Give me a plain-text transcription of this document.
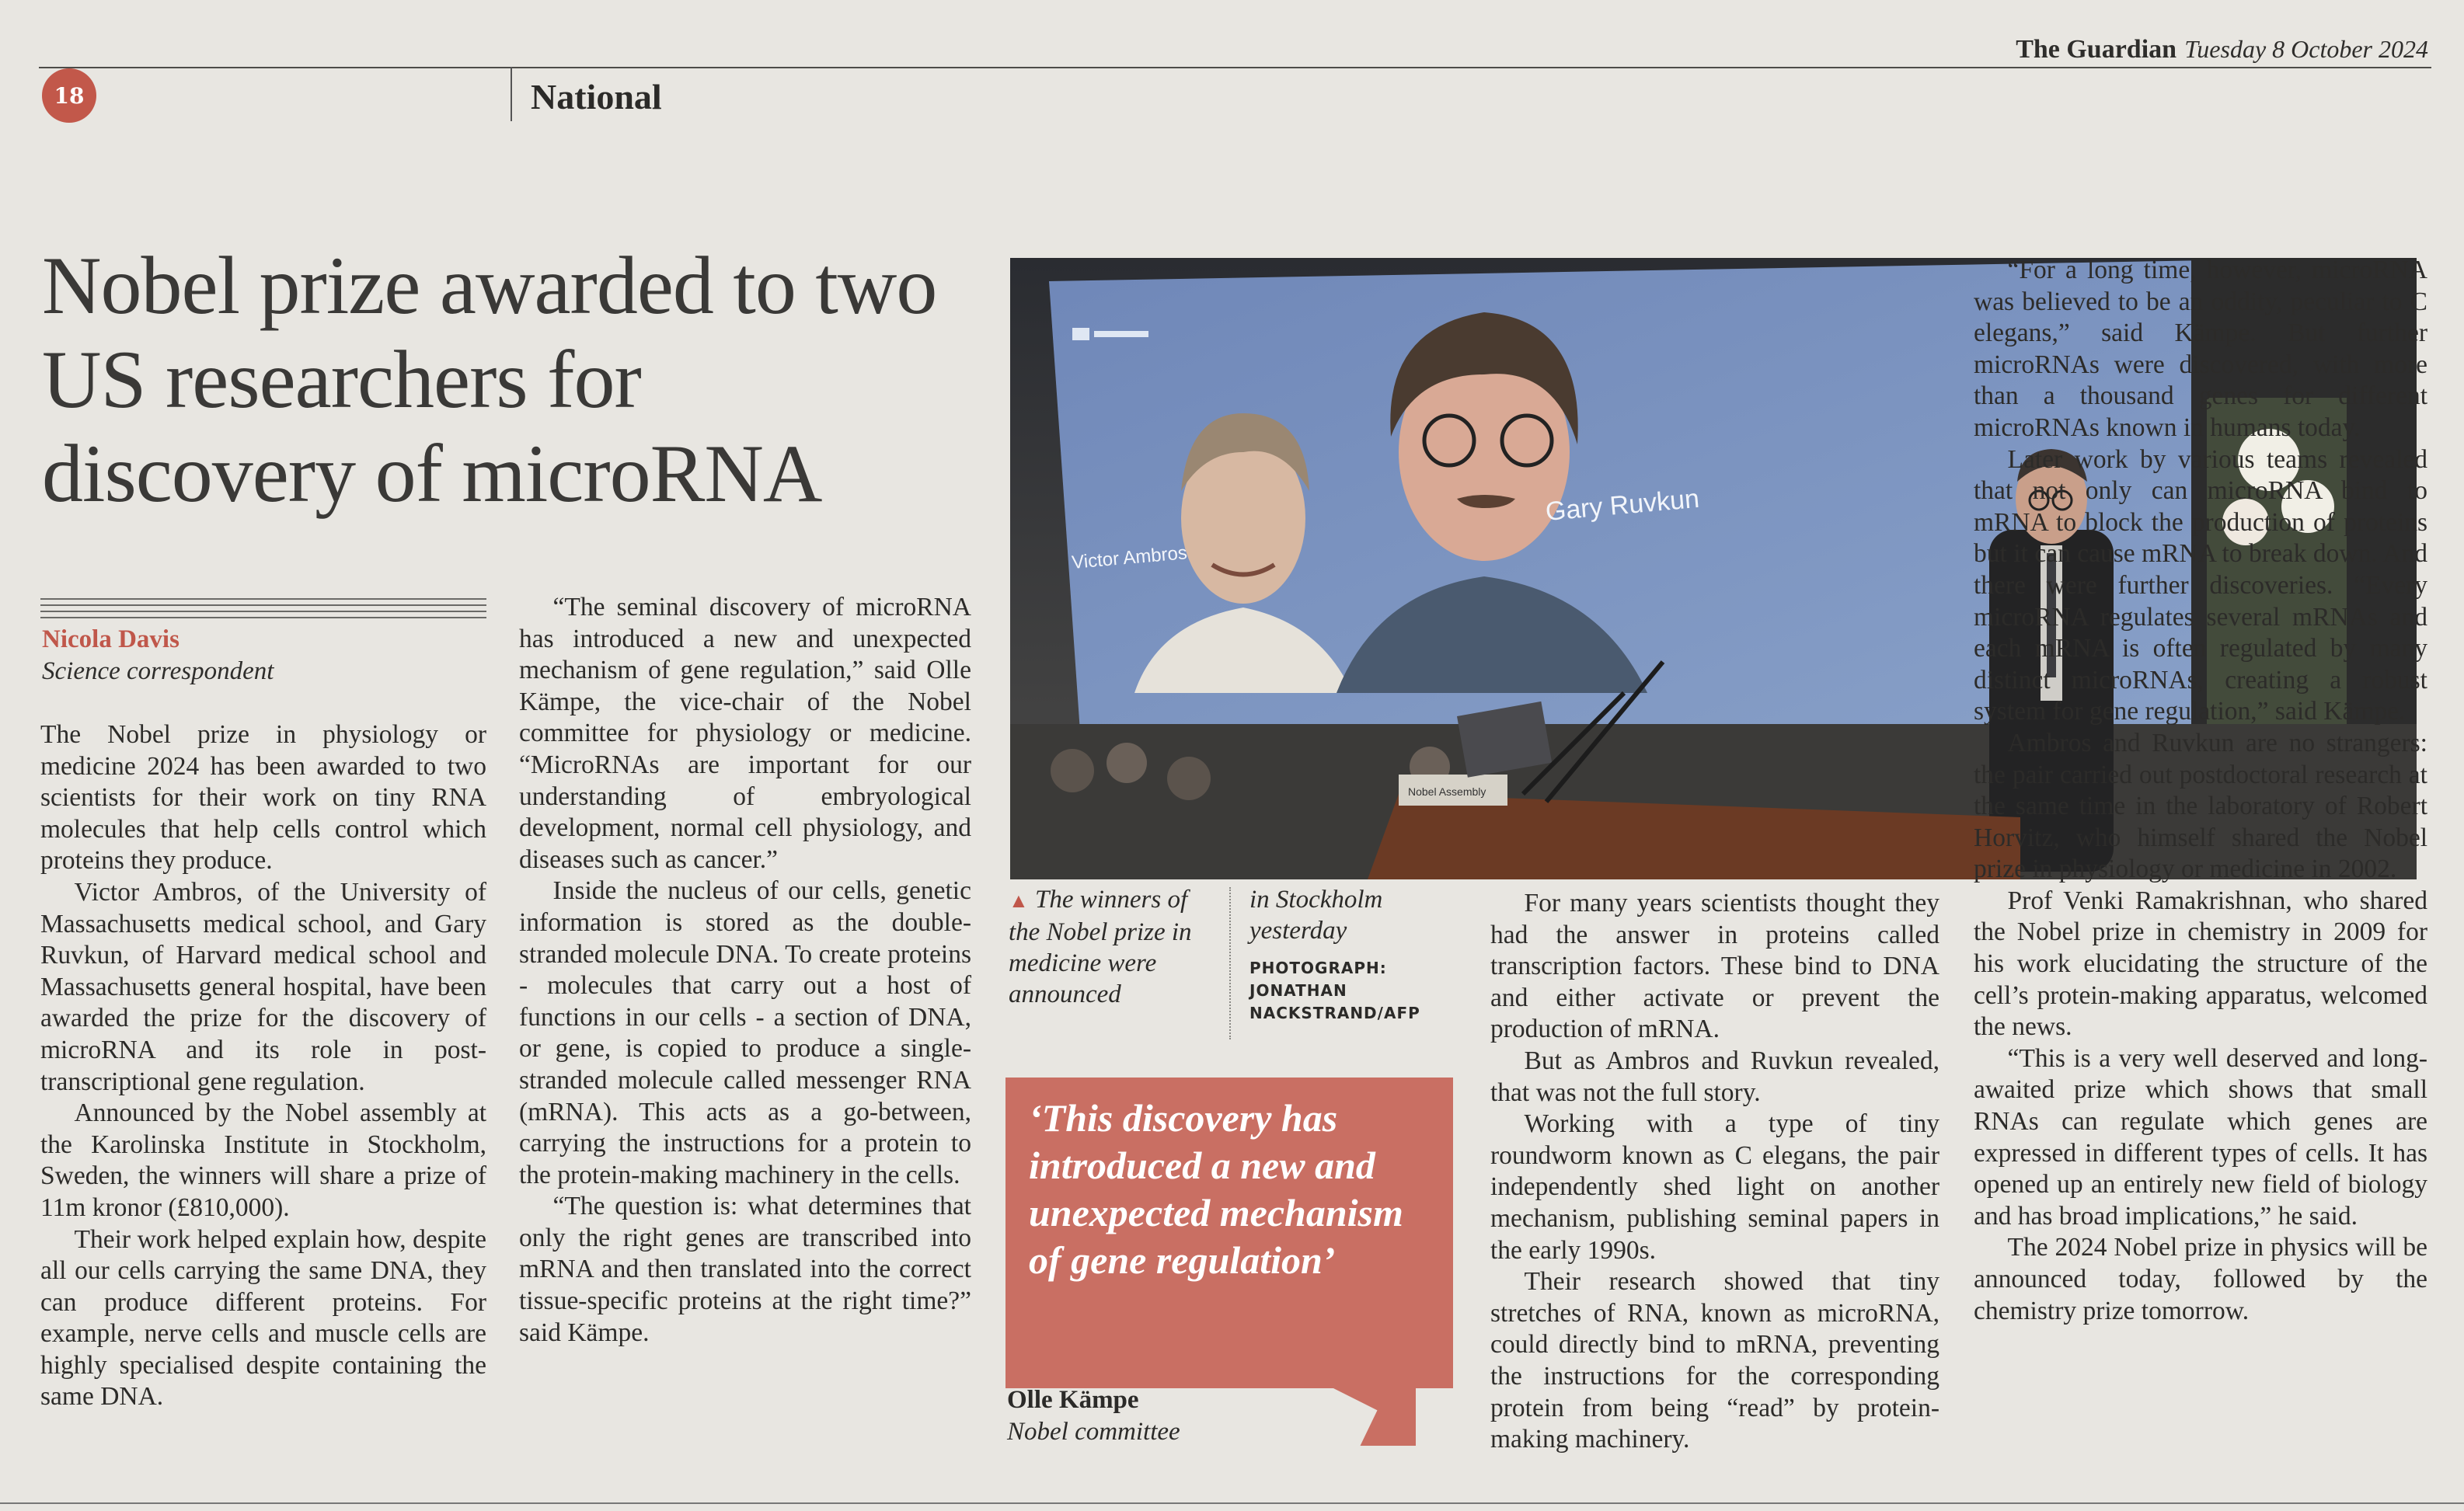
18	National
The Guardian Tuesday 8 October 2024
Nobel prize awarded to two US researchers for discovery of microRNA
Nicola Davis
Science correspondent

The Nobel prize in physiology or medicine 2024 has been awarded to two scientists for their work on tiny RNA molecules that help cells control which proteins they produce.

Victor Ambros, of the University of Massachusetts medical school, and Gary Ruvkun, of Harvard medical school and Massachusetts general hospital, have been awarded the prize for the discovery of microRNA and its role in post-transcriptional gene regulation.

Announced by the Nobel assembly at the Karolinska Institute in Stockholm, Sweden, the winners will share a prize of 11m kronor (£810,000).

Their work helped explain how, despite all our cells carrying the same DNA, they can produce different proteins. For example, nerve cells and muscle cells are highly specialised despite containing the same DNA.

“The seminal discovery of microRNA has introduced a new and unexpected mechanism of gene regulation,” said Olle Kämpe, the vice-chair of the Nobel committee for physiology or medicine. “MicroRNAs are important for our understanding of embryological development, normal cell physiology, and diseases such as cancer.”

Inside the nucleus of our cells, genetic information is stored as the double-stranded molecule DNA. To create proteins - molecules that carry out a host of functions in our cells - a section of DNA, or gene, is copied to produce a single-stranded molecule called messenger RNA (mRNA). This acts as a go-between, carrying the instructions for a protein to the protein-making machinery in the cells.

“The question is: what determines that only the right genes are transcribed into mRNA and then translated into the correct tissue-specific proteins at the right time?” said Kämpe.

Victor Ambros
Gary Ruvkun
Nobel Assembly
▲ The winners of the Nobel prize in medicine were announced
in Stockholm yesterday
PHOTOGRAPH: JONATHAN NACKSTRAND/AFP

‘This discovery has introduced a new and unexpected mechanism of gene regulation’

Olle Kämpe
Nobel committee

For many years scientists thought they had the answer in proteins called transcription factors. These bind to DNA and either activate or prevent the production of mRNA.

But as Ambros and Ruvkun revealed, that was not the full story.

Working with a type of tiny roundworm known as C elegans, the pair independently shed light on another mechanism, publishing seminal papers in the early 1990s.

Their research showed that tiny stretches of RNA, known as microRNA, could directly bind to mRNA, preventing the instructions for the corresponding protein from being “read” by protein-making machinery.

“For a long time, however, microRNA was believed to be an oddity, peculiar to C elegans,” said Kämpe. But further microRNAs were discovered, with more than a thousand genes for different microRNAs known in humans today.

Later work by various teams revealed that not only can microRNA bind to mRNA to block the production of proteins but it can cause mRNA to break down. And there were further discoveries. “Every microRNA regulates several mRNAs and each mRNA is often regulated by many distinct microRNAs, creating a robust system for gene regulation,” said Kämpe.

Ambros and Ruvkun are no strangers: the pair carried out postdoctoral research at the same time in the laboratory of Robert Horvitz, who himself shared the Nobel prize in physiology or medicine in 2002.

Prof Venki Ramakrishnan, who shared the Nobel prize in chemistry in 2009 for his work elucidating the structure of the cell’s protein-making apparatus, welcomed the news.

“This is a very well deserved and long-awaited prize which shows that small RNAs can regulate which genes are expressed in different types of cells. It has opened up an entirely new field of biology and has broad implications,” he said.

The 2024 Nobel prize in physics will be announced today, followed by the chemistry prize tomorrow.
